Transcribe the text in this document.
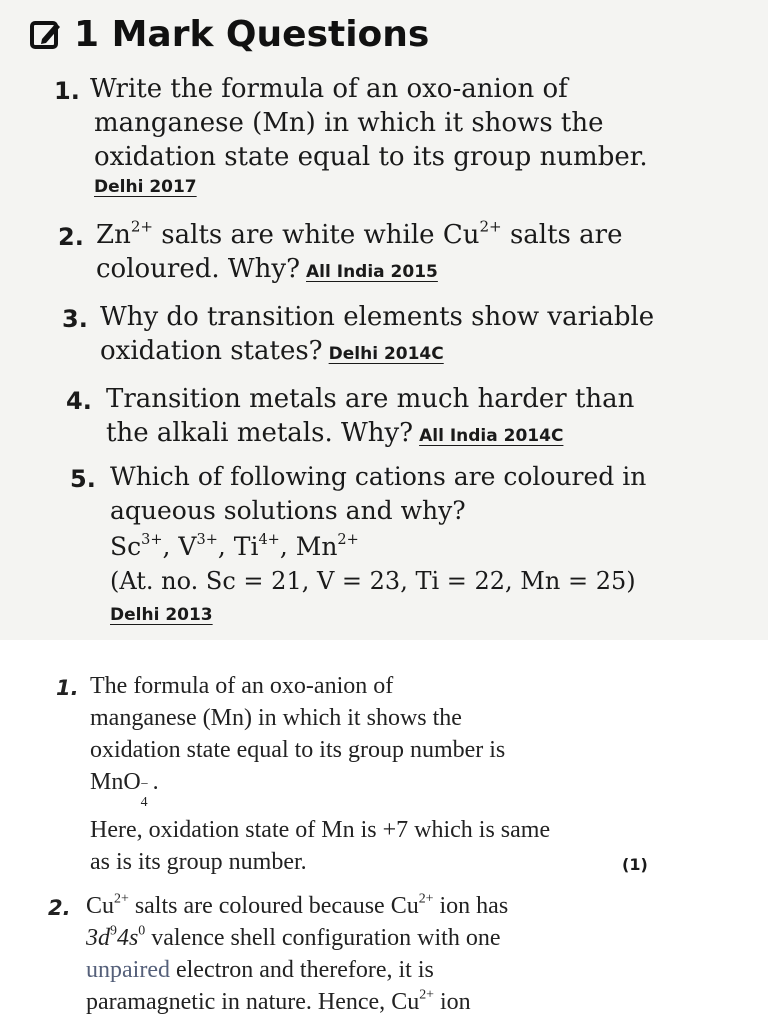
1 Mark Questions
1. Write the formula of an oxo-anion of
manganese (Mn) in which it shows the
oxidation state equal to its group number.
Delhi 2017
2. $Zn^{2+}$ salts are white while $Cu^{2+}$ salts are
coloured. Why? All India 2015
3. Why do transition elements show variable
oxidation states? Delhi 2014C
4. Transition metals are much harder than
the alkali metals. Why? All India 2014C
5. Which of following cations are coloured in
aqueous solutions and why?
$Sc^{3+}$, $V^{3+}$, $Ti^{4+}$, $Mn^{2+}$
(At. no. Sc = 21, V = 23, Ti = 22, Mn = 25)
Delhi 2013
1. The formula of an oxo-anion of
manganese (Mn) in which it shows the
oxidation state equal to its group number is
MnO −
4
.
Here, oxidation state of Mn is +7 which is same
as is its group number.	(1)
2. $Cu^{2+}$ salts are coloured because $Cu^{2+}$ ion has
$3d^94s^0$ valence shell configuration with one
unpaired electron and therefore, it is
paramagnetic in nature. Hence, $Cu^{2+}$ ion
